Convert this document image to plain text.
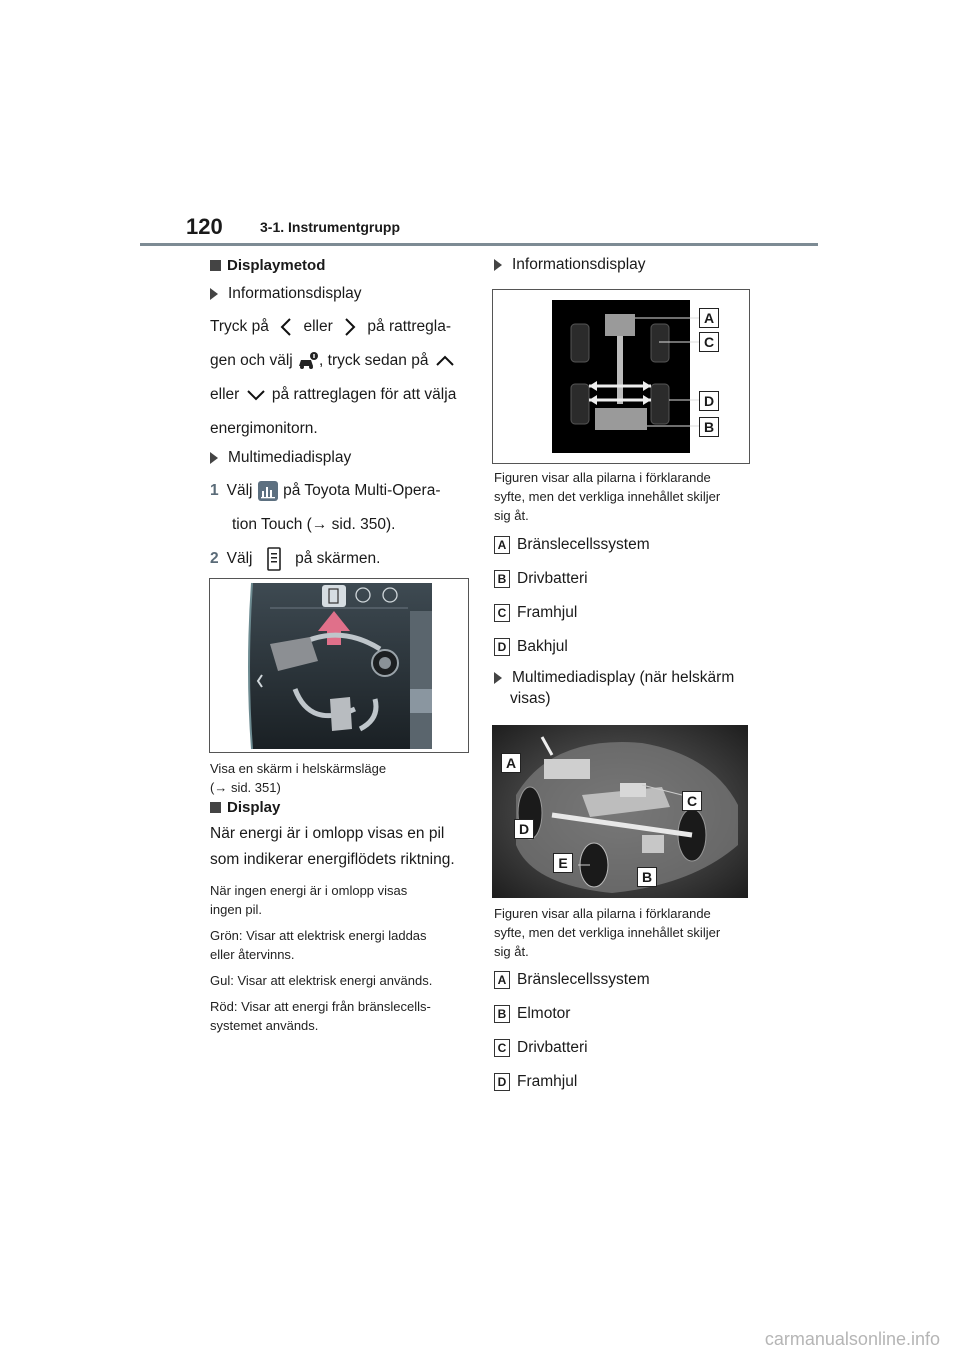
120	3-1. Instrumentgrupp
Displaymetod
Informationsdisplay

Tryck på eller på rattregla-

gen och välj , tryck sedan på

eller på rattreglagen för att välja

energimonitorn.

Multimediadisplay

1 Välj på Toyota Multi-Opera-

tion Touch (→ sid. 350).

2 Välj	på skärmen.

Visa en skärm i helskärmsläge

(→ sid. 351)

Display

När energi är i omlopp visas en pil

som indikerar energiflödets riktning.

När ingen energi är i omlopp visas

ingen pil.

Grön: Visar att elektrisk energi laddas

eller återvinns.

Gul: Visar att elektrisk energi används.

Röd: Visar att energi från bränslecells-

systemet används.

Informationsdisplay
A
C
D
B

Figuren visar alla pilarna i förklarande

syfte, men det verkliga innehållet skiljer

sig åt.

A Bränslecellssystem
B Drivbatteri
C Framhjul
D Bakhjul
Multimediadisplay (när helskärm
visas)
A
C
D
E
B

Figuren visar alla pilarna i förklarande

syfte, men det verkliga innehållet skiljer

sig åt.

A Bränslecellssystem
B Elmotor
C Drivbatteri
D Framhjul
carmanualsonline.info
